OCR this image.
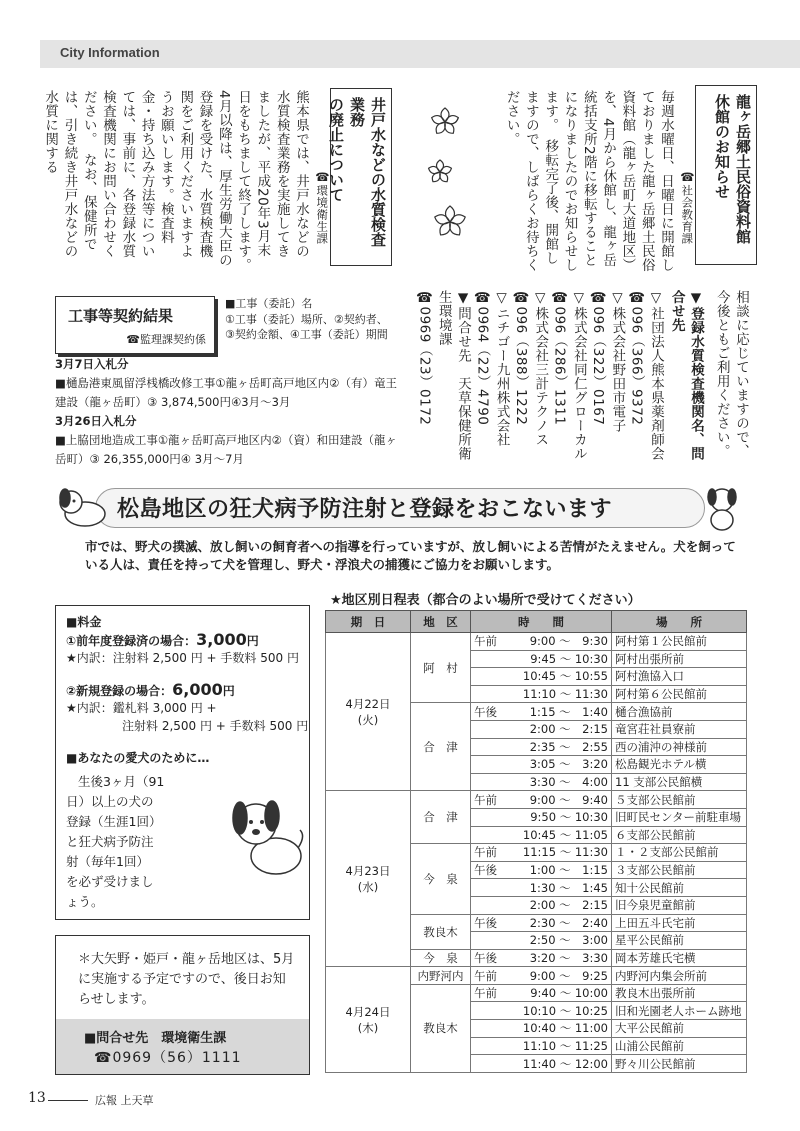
City Information
龍ヶ岳郷土民俗資料館
休館のお知らせ
☎社会教育課
毎週水曜日、日曜日に開館しておりました龍ヶ岳郷土民俗資料館（龍ヶ岳町大道地区）を、4月から休館し、龍ヶ岳統括支所2階に移転することになりましたのでお知らせします。　移転完了後、開館しますので、しばらくお待ちください。
井戸水などの水質検査業務
の廃止について
☎環境衛生課
熊本県では、井戸水などの水質検査業務を実施してきましたが、平成20年3月末日をもちまして終了します。　4月以降は、厚生労働大臣の登録を受けた、水質検査機関をご利用くださいますようお願いします。検査料金・持ち込み方法等については、事前に、各登録水質検査機関にお問い合わせください。　なお、保健所では、引き続き井戸水などの水質に関する
相談に応じていますので、今後ともご利用ください。
▼登録水質検査機関名、問合せ先
▽社団法人熊本県薬剤師会
☎096（366）9372
▽株式会社野田市電子
☎096（322）0167
▽株式会社同仁グローカル
☎096（286）1311
▽株式会社三計テクノス
☎096（388）1222
▽ニチゴー九州株式会社
☎0964（22）4790
▼問合せ先　天草保健所衛生環境課
☎0969（23）0172
工事等契約結果
☎監理課契約係
■工事（委託）名
①工事（委託）場所、②契約者、③契約金額、④工事（委託）期間
3月7日入札分
■樋島港東風留浮桟橋改修工事①龍ヶ岳町高戸地区内②（有）竜王建設（龍ヶ岳町）③ 3,874,500円④3月～3月
3月26日入札分
■上脇団地造成工事①龍ヶ岳町高戸地区内②（資）和田建設（龍ヶ岳町）③ 26,355,000円④ 3月～7月
松島地区の狂犬病予防注射と登録をおこないます
市では、野犬の撲滅、放し飼いの飼育者への指導を行っていますが、放し飼いによる苦情がたえません。犬を飼っている人は、責任を持って犬を管理し、野犬・浮浪犬の捕獲にご協力をお願いします。
■料金
①前年度登録済の場合：3,000円
★内訳：注射料 2,500 円 + 手数料 500 円
②新規登録の場合：6,000円
★内訳：鑑札料 3,000 円 +
注射料 2,500 円 + 手数料 500 円
■あなたの愛犬のために…
生後3ヶ月（91
日）以上の犬の
登録（生涯1回）
と狂犬病予防注
射（毎年1回）
を必ず受けまし
ょう。
＊大矢野・姫戸・龍ヶ岳地区は、5月に実施する予定ですので、後日お知らせします。
■問合せ先　環境衛生課
☎0969（56）1111
★地区別日程表（都合のよい場所で受けてください）
期　日	地　区	時　　間		場　　所

4月22日
(火)	阿　村	午前	9:00 ～　9:30	阿村第１公民館前
			9:45 ～ 10:30	阿村出張所前
			10:45 ～ 10:55	阿村漁協入口
			11:10 ～ 11:30	阿村第６公民館前
	合　津	午後	1:15 ～　1:40	樋合漁協前
			2:00 ～　2:15	竜宮荘社員寮前
			2:35 ～　2:55	西の浦沖の神様前
			3:05 ～　3:20	松島観光ホテル横
			3:30 ～　4:00	11 支部公民館横

4月23日
(水)	合　津	午前	9:00 ～　9:40	５支部公民館前
			9:50 ～ 10:30	旧町民センター前駐車場
			10:45 ～ 11:05	６支部公民館前
	今　泉	午前	11:15 ～ 11:30	１・２支部公民館前
		午後	1:00 ～　1:15	３支部公民館前
			1:30 ～　1:45	知十公民館前
			2:00 ～　2:15	旧今泉児童館前
	教良木	午後	2:30 ～　2:40	上田五斗氏宅前
			2:50 ～　3:00	星平公民館前
	今　泉	午後	3:20 ～　3:30	岡本芳雄氏宅横

4月24日
(木)	内野河内	午前	9:00 ～　9:25	内野河内集会所前
	教良木	午前	9:40 ～ 10:00	教良木出張所前
			10:10 ～ 10:25	旧和光園老人ホーム跡地
			10:40 ～ 11:00	大平公民館前
			11:10 ～ 11:25	山浦公民館前
			11:40 ～ 12:00	野々川公民館前
13	広報 上天草
